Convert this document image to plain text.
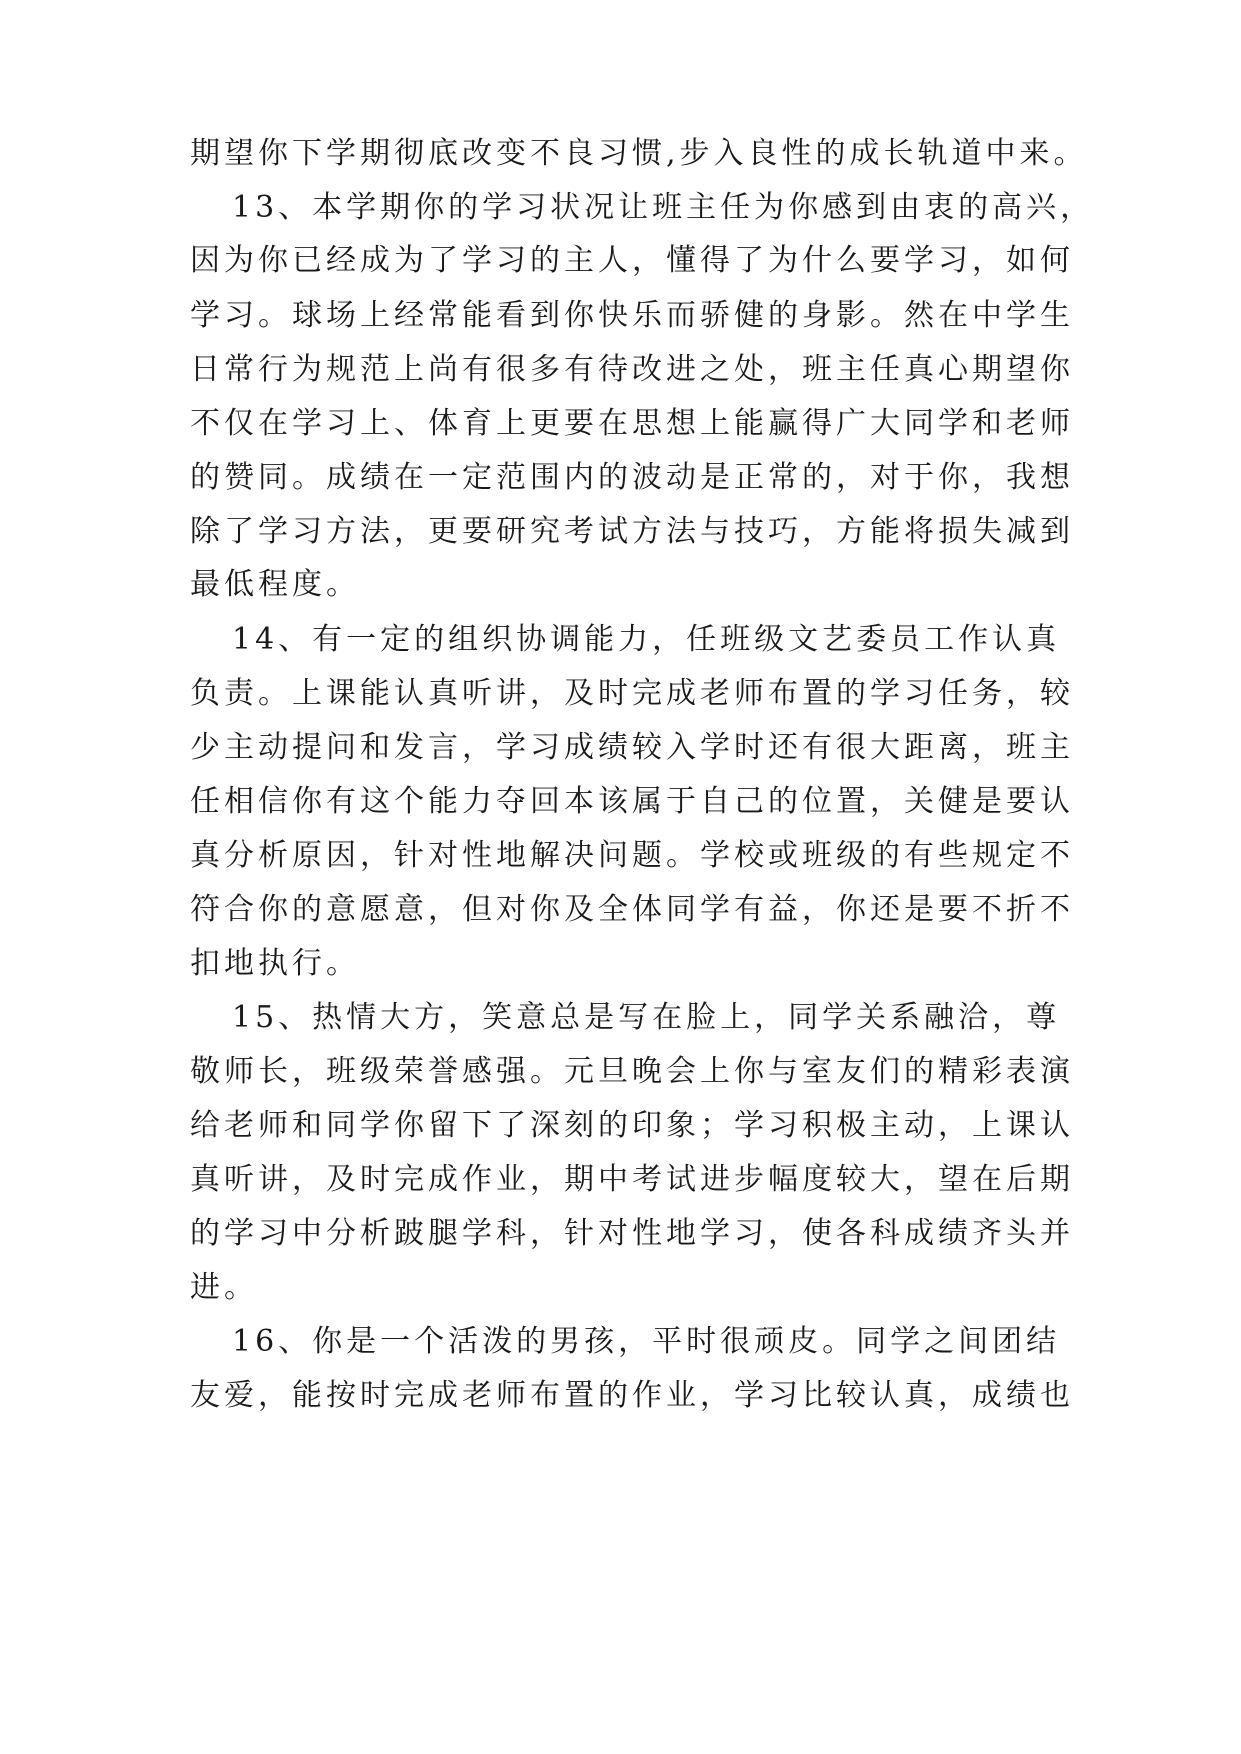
期望你下学期彻底改变不良习惯,步入良性的成长轨道中来。
13、本学期你的学习状况让班主任为你感到由衷的高兴，
因为你已经成为了学习的主人，懂得了为什么要学习，如何
学习。球场上经常能看到你快乐而骄健的身影。然在中学生
日常行为规范上尚有很多有待改进之处，班主任真心期望你
不仅在学习上、体育上更要在思想上能赢得广大同学和老师
的赞同。成绩在一定范围内的波动是正常的，对于你，我想
除了学习方法，更要研究考试方法与技巧，方能将损失减到
最低程度。
14、有一定的组织协调能力，任班级文艺委员工作认真
负责。上课能认真听讲，及时完成老师布置的学习任务，较
少主动提问和发言，学习成绩较入学时还有很大距离，班主
任相信你有这个能力夺回本该属于自己的位置，关健是要认
真分析原因，针对性地解决问题。学校或班级的有些规定不
符合你的意愿意，但对你及全体同学有益，你还是要不折不
扣地执行。
15、热情大方，笑意总是写在脸上，同学关系融洽，尊
敬师长，班级荣誉感强。元旦晚会上你与室友们的精彩表演
给老师和同学你留下了深刻的印象；学习积极主动，上课认
真听讲，及时完成作业，期中考试进步幅度较大，望在后期
的学习中分析跛腿学科，针对性地学习，使各科成绩齐头并
进。
16、你是一个活泼的男孩，平时很顽皮。同学之间团结
友爱，能按时完成老师布置的作业，学习比较认真，成绩也
